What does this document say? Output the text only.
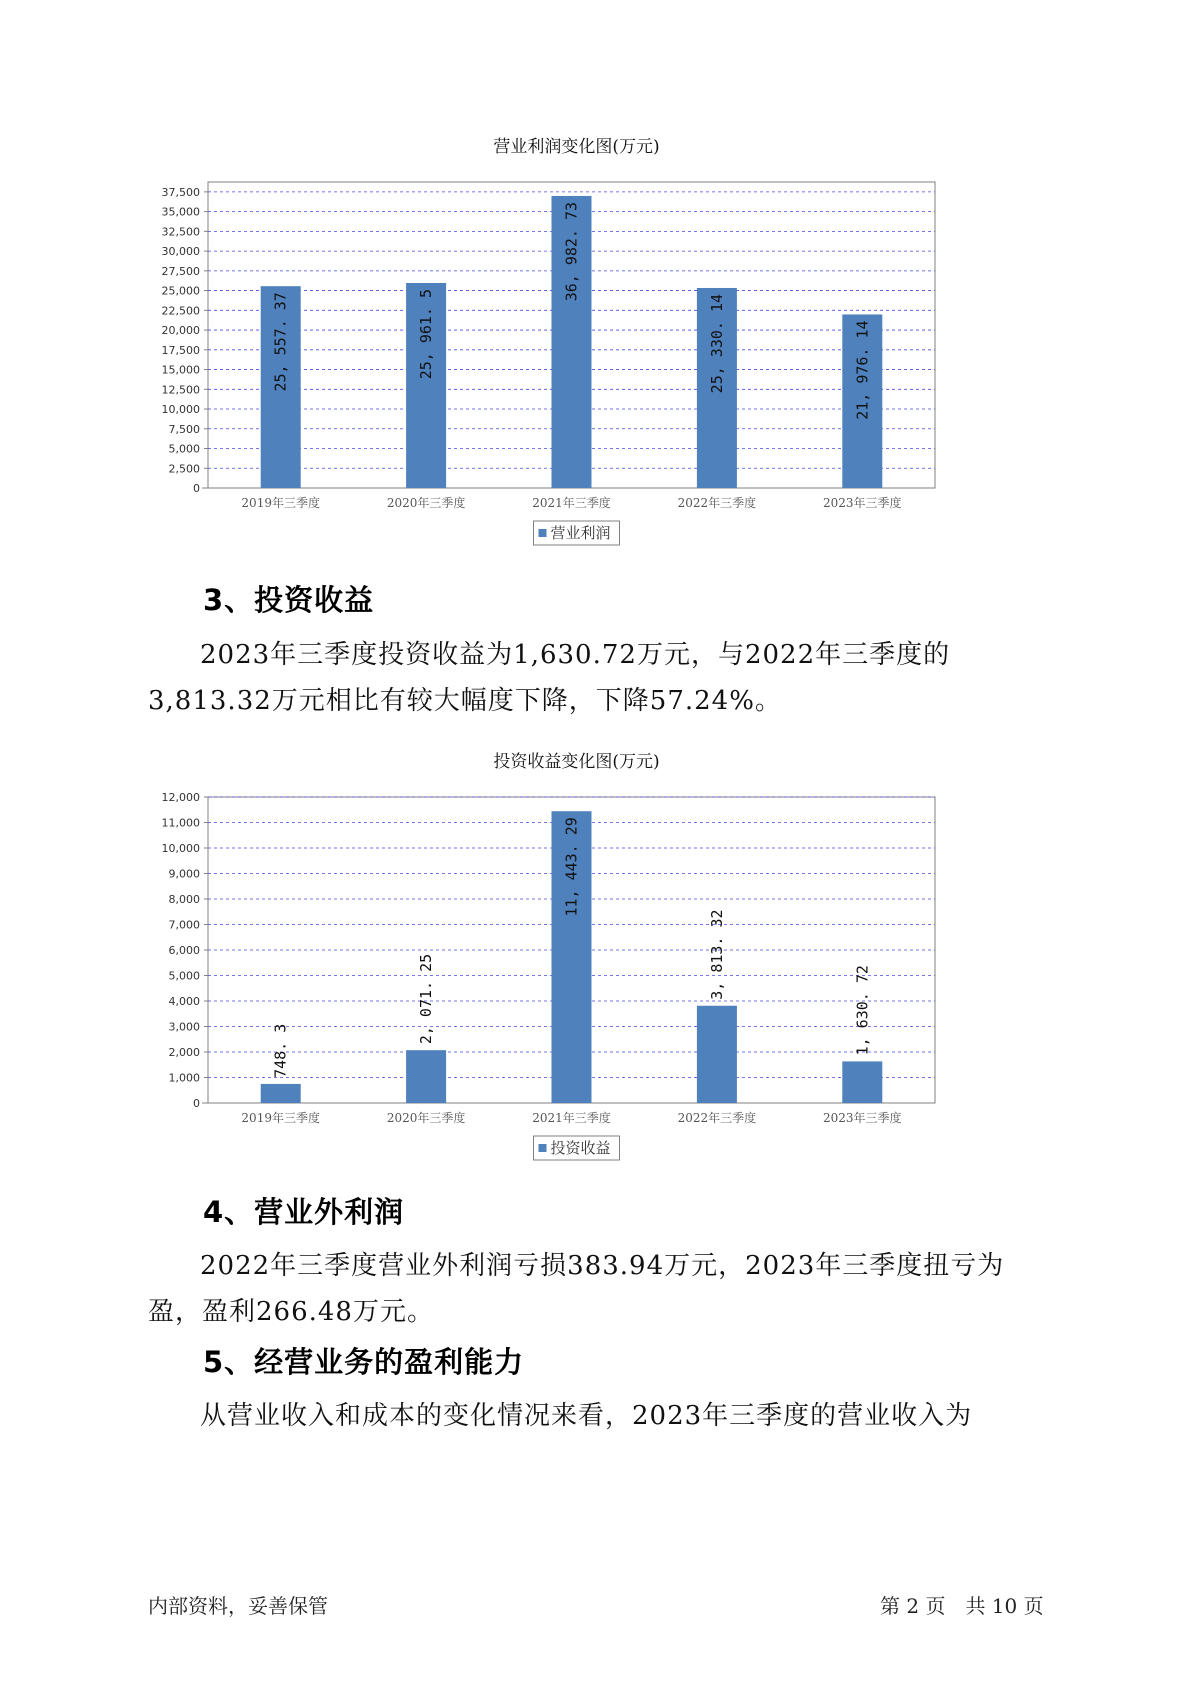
营业利润变化图(万元)
0
2,500
5,000
7,500
10,000
12,500
15,000
17,500
20,000
22,500
25,000
27,500
30,000
32,500
35,000
37,500
25, 557. 37
2019年三季度
25, 961. 5
2020年三季度
36, 982. 73
2021年三季度
25, 330. 14
2022年三季度
21, 976. 14
2023年三季度
营业利润
3、投资收益

2023年三季度投资收益为1,630.72万元，与2022年三季度的3,813.32万元相比有较大幅度下降，下降57.24%。

投资收益变化图(万元)
0
1,000
2,000
3,000
4,000
5,000
6,000
7,000
8,000
9,000
10,000
11,000
12,000
748. 3
2019年三季度
2, 071. 25
2020年三季度
11, 443. 29
2021年三季度
3, 813. 32
2022年三季度
1, 630. 72
2023年三季度
投资收益
4、营业外利润

2022年三季度营业外利润亏损383.94万元，2023年三季度扭亏为盈，盈利266.48万元。

5、经营业务的盈利能力

从营业收入和成本的变化情况来看，2023年三季度的营业收入为

内部资料，妥善保管	第 2 页　共 10 页
